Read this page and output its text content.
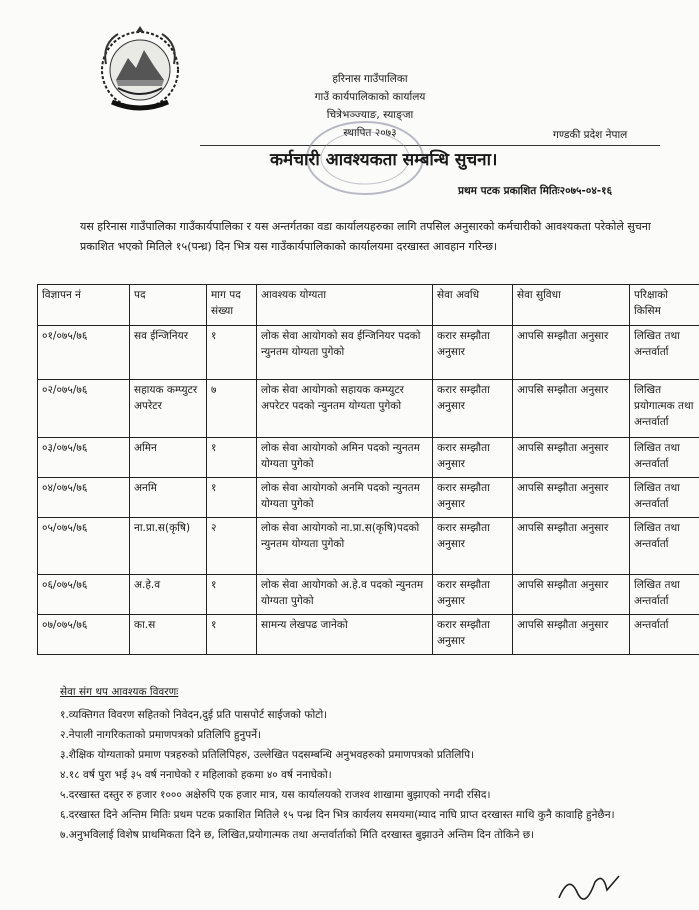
हरिनास गाउँपालिका
गाउँ कार्यपालिकाको कार्यालय
चित्रेभञ्ज्याङ, स्याङ्जा
स्थापित २०७३	गण्डकी प्रदेश नेपाल
कर्मचारी आवश्यकता सम्बन्धि सुचना।
प्रथम पटक प्रकाशित मितिः२०७५-०४-१६
यस हरिनास गाउँपालिका गाउँकार्यपालिका र यस अन्तर्गतका वडा कार्यालयहरुका लागि तपसिल अनुसारको कर्मचारीको आवश्यकता परेकोले सुचना प्रकाशित भएको मितिले १५(पन्ध्र) दिन भित्र यस गाउँकार्यपालिकाको कार्यालयमा दरखास्त आवहान गरिन्छ।
विज्ञापन नं	पद	माग पद संख्या	आवश्यक योग्यता	सेवा अवधि	सेवा सुविधा	परिक्षाको किसिम
०१/०७५/७६	सव ईन्जिनियर	१	लोक सेवा आयोगको सव ईन्जिनियर पदको न्युनतम योग्यता पुगेको	करार सम्झौता अनुसार	आपसि सम्झौता अनुसार	लिखित तथा अन्तर्वार्ता
०२/०७५/७६	सहायक कम्प्युटर अपरेटर	७	लोक सेवा आयोगको सहायक कम्प्युटर अपरेटर पदको न्युनतम योग्यता पुगेको	करार सम्झौता अनुसार	आपसि सम्झौता अनुसार	लिखित प्रयोगात्मक तथा अन्तर्वार्ता
०३/०७५/७६	अमिन	१	लोक सेवा आयोगको अमिन पदको न्युनतम योग्यता पुगेको	करार सम्झौता अनुसार	आपसि सम्झौता अनुसार	लिखित तथा अन्तर्वार्ता
०४/०७५/७६	अनमि	१	लोक सेवा आयोगको अनमि पदको न्युनतम योग्यता पुगेको	करार सम्झौता अनुसार	आपसि सम्झौता अनुसार	लिखित तथा अन्तर्वार्ता
०५/०७५/७६	ना.प्रा.स(कृषि)	२	लोक सेवा आयोगको ना.प्रा.स(कृषि)पदको न्युनतम योग्यता पुगेको	करार सम्झौता अनुसार	आपसि सम्झौता अनुसार	लिखित तथा अन्तर्वार्ता
०६/०७५/७६	अ.हे.व	१	लोक सेवा आयोगको अ.हे.व पदको न्युनतम योग्यता पुगेको	करार सम्झौता अनुसार	आपसि सम्झौता अनुसार	लिखित तथा अन्तर्वार्ता
०७/०७५/७६	का.स	१	सामन्य लेखपढ जानेको	करार सम्झौता अनुसार	आपसि सम्झौता अनुसार	अन्तर्वार्ता
सेवा संग थप आवश्यक विवरणः
१.व्यक्तिगत विवरण सहितको निवेदन,दुई प्रति पासपोर्ट साईजको फोटो।
२.नेपाली नागरिकताको प्रमाणपत्रको प्रतिलिपि हुनुपर्ने।
३.शैक्षिक योग्यताको प्रमाण पत्रहरुको प्रतिलिपिहरु, उल्लेखित पदसम्बन्धि अनुभवहरुको प्रमाणपत्रको प्रतिलिपि।
४.१८ वर्ष पुरा भई ३५ वर्ष ननाघेको र महिलाको हकमा ४० वर्ष ननाघेको।
५.दरखास्त दस्तुर रु हजार १००० अक्षेरुपि एक हजार मात्र, यस कार्यालयको राजश्व शाखामा बुझाएको नगदी रसिद।
६.दरखास्त दिने अन्तिम मितिः प्रथम पटक प्रकाशित मितिले १५ पन्ध्र दिन भित्र कार्यलय समयमा(म्याद नाघि प्राप्त दरखास्त माथि कुनै कावाहि हुनेछैन।
७.अनुभविलाई विशेष प्राथमिकता दिने छ, लिखित,प्रयोगात्मक तथा अन्तर्वार्ताको मिति दरखास्त बुझाउने अन्तिम दिन तोकिने छ।
